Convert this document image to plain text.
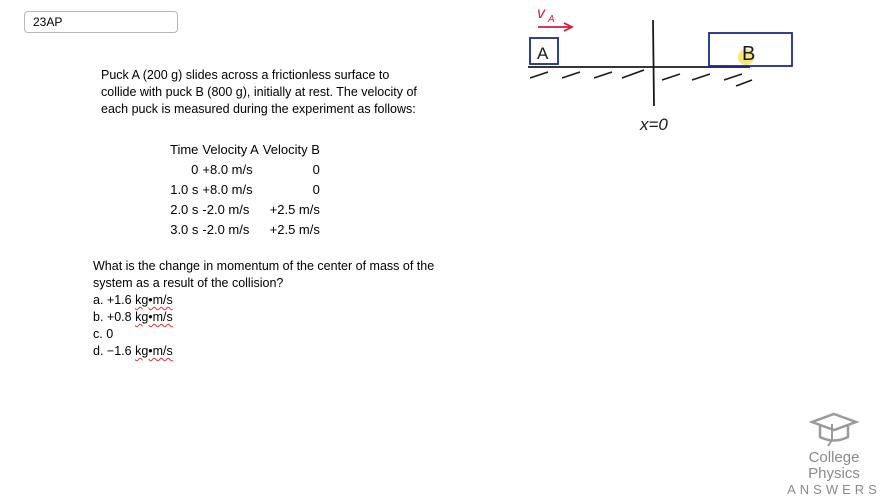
23AP

Puck A (200 g) slides across a frictionless surface to

collide with puck B (800 g), initially at rest. The velocity of

each puck is measured during the experiment as follows:

Time	Velocity A	Velocity B
0	+8.0 m/s	0
1.0 s	+8.0 m/s	0
2.0 s	-2.0 m/s	+2.5 m/s
3.0 s	-2.0 m/s	+2.5 m/s

What is the change in momentum of the center of mass of the

system as a result of the collision?

a. +1.6 kg•m/s
b. +0.8 kg•m/s
c. 0
d. −1.6 kg•m/s
v A
A
x=0
B
College Physics
ANSWERS
